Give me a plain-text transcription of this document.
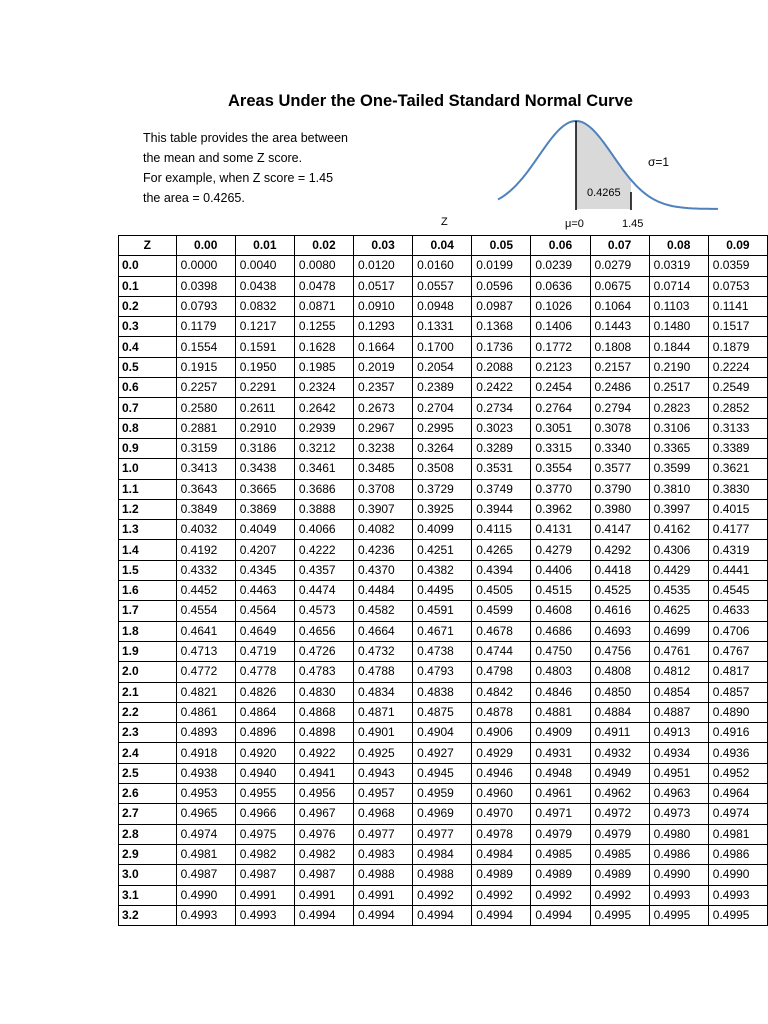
Areas Under the One-Tailed Standard Normal Curve
This table provides the area between
the mean and some Z score.
For example, when Z score = 1.45
the area = 0.4265.	0.4265
σ=1
Z	μ=0	1.45
Z	0.00	0.01	0.02	0.03	0.04	0.05	0.06	0.07	0.08	0.09
0.0	0.0000	0.0040	0.0080	0.0120	0.0160	0.0199	0.0239	0.0279	0.0319	0.0359
0.1	0.0398	0.0438	0.0478	0.0517	0.0557	0.0596	0.0636	0.0675	0.0714	0.0753
0.2	0.0793	0.0832	0.0871	0.0910	0.0948	0.0987	0.1026	0.1064	0.1103	0.1141
0.3	0.1179	0.1217	0.1255	0.1293	0.1331	0.1368	0.1406	0.1443	0.1480	0.1517
0.4	0.1554	0.1591	0.1628	0.1664	0.1700	0.1736	0.1772	0.1808	0.1844	0.1879
0.5	0.1915	0.1950	0.1985	0.2019	0.2054	0.2088	0.2123	0.2157	0.2190	0.2224
0.6	0.2257	0.2291	0.2324	0.2357	0.2389	0.2422	0.2454	0.2486	0.2517	0.2549
0.7	0.2580	0.2611	0.2642	0.2673	0.2704	0.2734	0.2764	0.2794	0.2823	0.2852
0.8	0.2881	0.2910	0.2939	0.2967	0.2995	0.3023	0.3051	0.3078	0.3106	0.3133
0.9	0.3159	0.3186	0.3212	0.3238	0.3264	0.3289	0.3315	0.3340	0.3365	0.3389
1.0	0.3413	0.3438	0.3461	0.3485	0.3508	0.3531	0.3554	0.3577	0.3599	0.3621
1.1	0.3643	0.3665	0.3686	0.3708	0.3729	0.3749	0.3770	0.3790	0.3810	0.3830
1.2	0.3849	0.3869	0.3888	0.3907	0.3925	0.3944	0.3962	0.3980	0.3997	0.4015
1.3	0.4032	0.4049	0.4066	0.4082	0.4099	0.4115	0.4131	0.4147	0.4162	0.4177
1.4	0.4192	0.4207	0.4222	0.4236	0.4251	0.4265	0.4279	0.4292	0.4306	0.4319
1.5	0.4332	0.4345	0.4357	0.4370	0.4382	0.4394	0.4406	0.4418	0.4429	0.4441
1.6	0.4452	0.4463	0.4474	0.4484	0.4495	0.4505	0.4515	0.4525	0.4535	0.4545
1.7	0.4554	0.4564	0.4573	0.4582	0.4591	0.4599	0.4608	0.4616	0.4625	0.4633
1.8	0.4641	0.4649	0.4656	0.4664	0.4671	0.4678	0.4686	0.4693	0.4699	0.4706
1.9	0.4713	0.4719	0.4726	0.4732	0.4738	0.4744	0.4750	0.4756	0.4761	0.4767
2.0	0.4772	0.4778	0.4783	0.4788	0.4793	0.4798	0.4803	0.4808	0.4812	0.4817
2.1	0.4821	0.4826	0.4830	0.4834	0.4838	0.4842	0.4846	0.4850	0.4854	0.4857
2.2	0.4861	0.4864	0.4868	0.4871	0.4875	0.4878	0.4881	0.4884	0.4887	0.4890
2.3	0.4893	0.4896	0.4898	0.4901	0.4904	0.4906	0.4909	0.4911	0.4913	0.4916
2.4	0.4918	0.4920	0.4922	0.4925	0.4927	0.4929	0.4931	0.4932	0.4934	0.4936
2.5	0.4938	0.4940	0.4941	0.4943	0.4945	0.4946	0.4948	0.4949	0.4951	0.4952
2.6	0.4953	0.4955	0.4956	0.4957	0.4959	0.4960	0.4961	0.4962	0.4963	0.4964
2.7	0.4965	0.4966	0.4967	0.4968	0.4969	0.4970	0.4971	0.4972	0.4973	0.4974
2.8	0.4974	0.4975	0.4976	0.4977	0.4977	0.4978	0.4979	0.4979	0.4980	0.4981
2.9	0.4981	0.4982	0.4982	0.4983	0.4984	0.4984	0.4985	0.4985	0.4986	0.4986
3.0	0.4987	0.4987	0.4987	0.4988	0.4988	0.4989	0.4989	0.4989	0.4990	0.4990
3.1	0.4990	0.4991	0.4991	0.4991	0.4992	0.4992	0.4992	0.4992	0.4993	0.4993
3.2	0.4993	0.4993	0.4994	0.4994	0.4994	0.4994	0.4994	0.4995	0.4995	0.4995
